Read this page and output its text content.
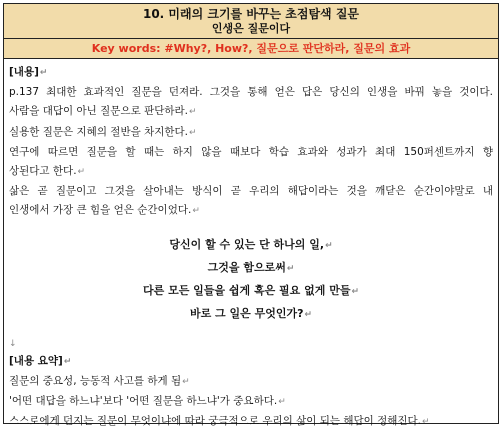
10. 미래의 크기를 바꾸는 초점탐색 질문
인생은 질문이다
Key words: #Why?, How?, 질문으로 판단하라, 질문의 효과
[내용]↵
p.137 최대한 효과적인 질문을 던져라. 그것을 통해 얻은 답은 당신의 인생을 바꿔 놓을 것이다.
사람을 대답이 아닌 질문으로 판단하라.↵
실용한 질문은 지혜의 절반을 차지한다.↵
연구에 따르면 질문을 할 때는 하지 않을 때보다 학습 효과와 성과가 최대 150퍼센트까지 향
상된다고 한다.↵
삶은 곧 질문이고 그것을 살아내는 방식이 곧 우리의 해답이라는 것을 깨닫은 순간이야말로 내
인생에서 가장 큰 힘을 얻은 순간이었다.↵
당신이 할 수 있는 단 하나의 일,↵
그것을 함으로써↵
다른 모든 일들을 쉽게 혹은 필요 없게 만들↵
바로 그 일은 무엇인가?↵
↓
[내용 요약]↵
질문의 중요성, 능동적 사고를 하게 됨↵
'어떤 대답을 하느냐'보다 '어떤 질문을 하느냐'가 중요하다.↵
스스로에게 던지는 질문이 무엇이냐에 따라 궁극적으로 우리의 삶이 되는 해답이 정해진다.↵
